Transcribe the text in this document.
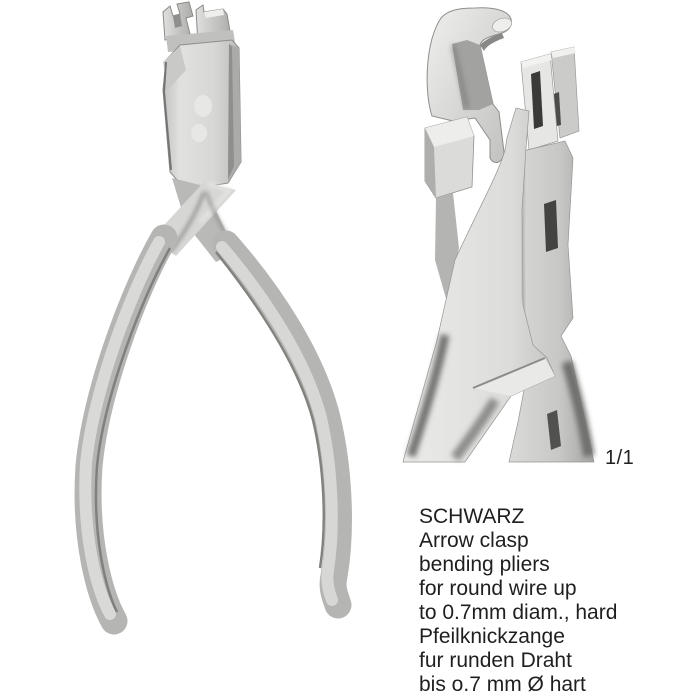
1/1
SCHWARZ
Arrow clasp
bending pliers
for round wire up
to 0.7mm diam., hard
Pfeilknickzange
fur runden Draht
bis o.7 mm Ø hart
